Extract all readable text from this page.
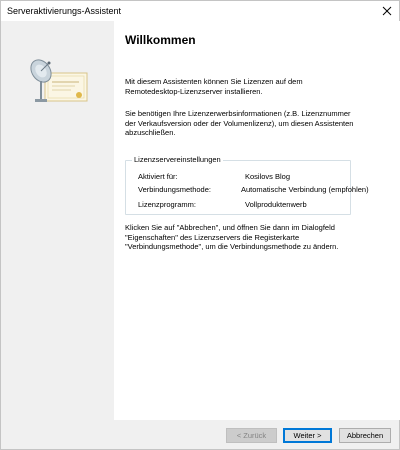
Serveraktivierungs-Assistent
Willkommen
Mit diesem Assistenten können Sie Lizenzen auf dem Remotedesktop-Lizenzserver installieren.
Sie benötigen Ihre Lizenzerwerbsinformationen (z.B. Lizenznummer der Verkaufsversion oder der Volumenlizenz), um diesen Assistenten abzuschließen.
Lizenzservereinstellungen
Aktiviert für:	Kosilovs Blog
Verbindungsmethode:	Automatische Verbindung (empfohlen)
Lizenzprogramm:	Vollproduktenwerb
Klicken Sie auf "Abbrechen", und öffnen Sie dann im Dialogfeld "Eigenschaften" des Lizenzservers die Registerkarte "Verbindungsmethode", um die Verbindungsmethode zu ändern.
< Zurück	Weiter >	Abbrechen
